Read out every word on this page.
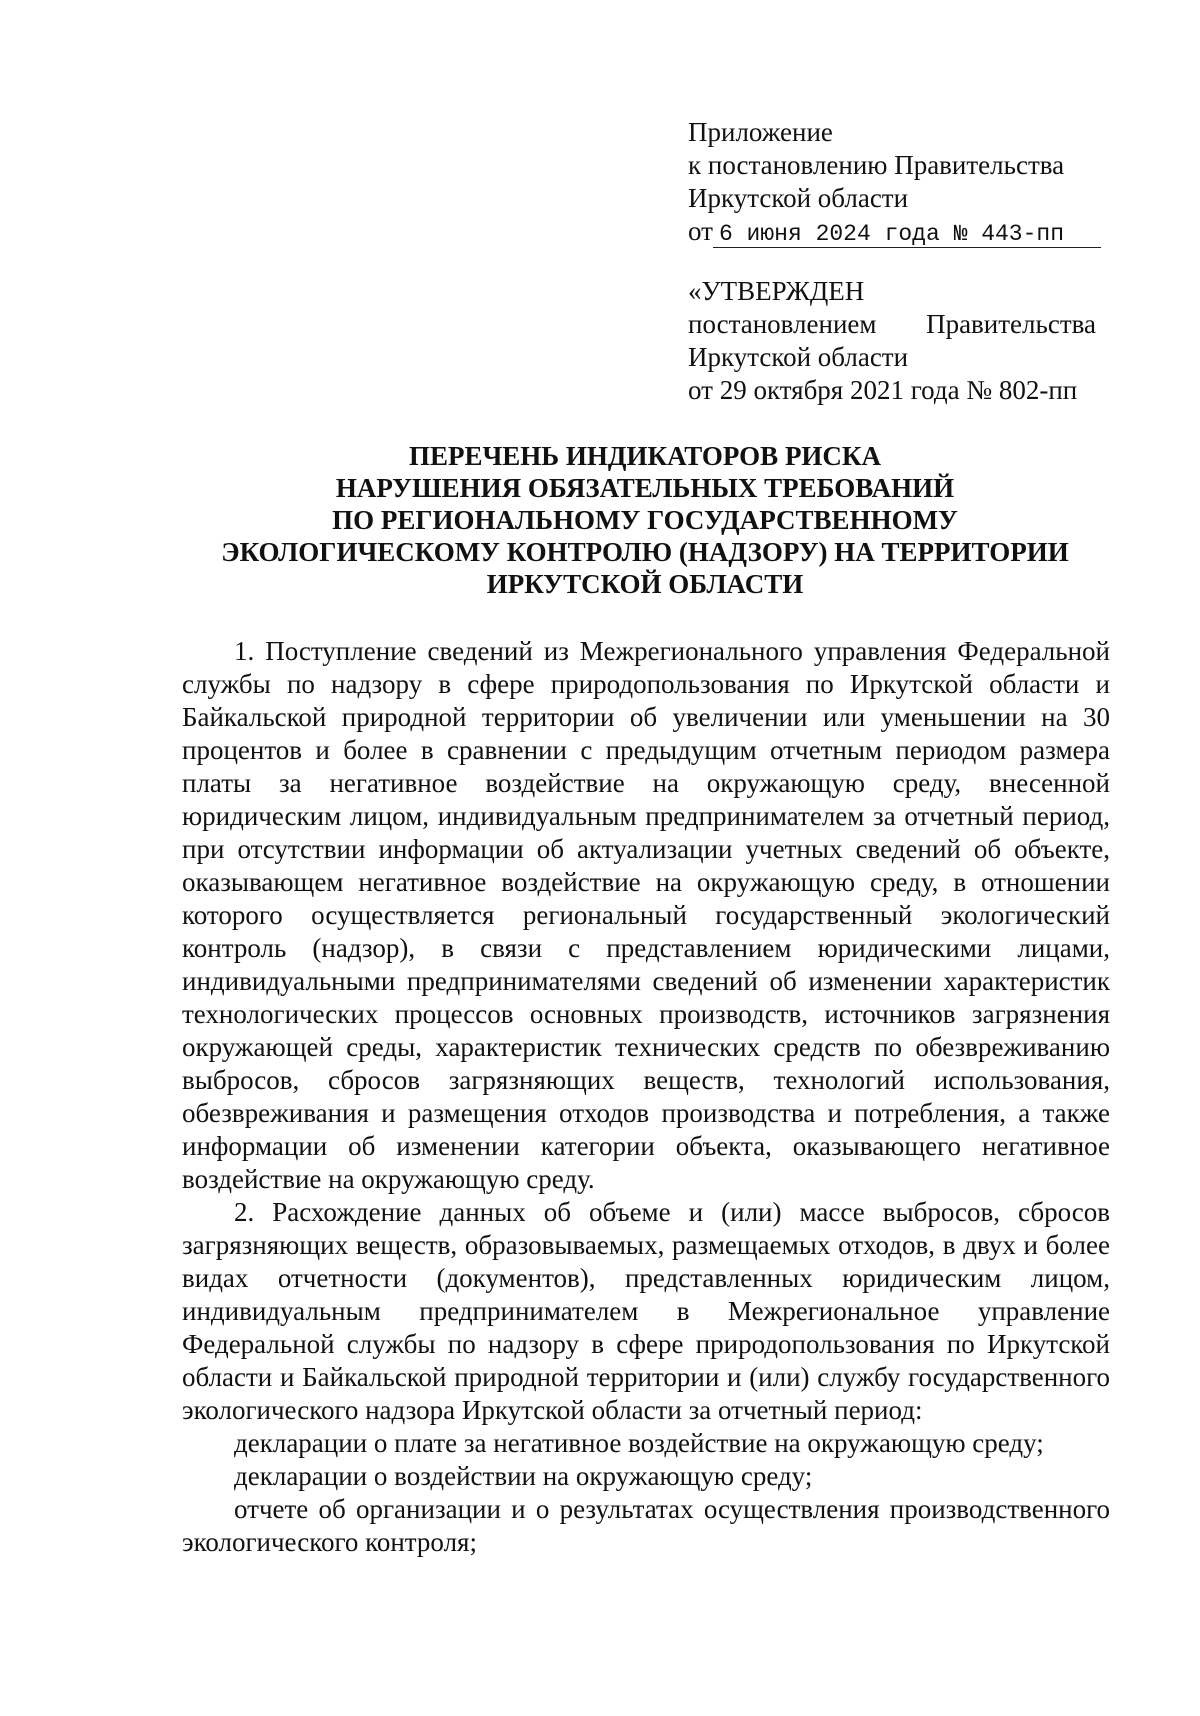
Приложение
к постановлению Правительства
Иркутской области
от 6 июня 2024 года № 443-пп
«УТВЕРЖДЕН
постановлением Правительства
Иркутской области
от 29 октября 2021 года № 802-пп
ПЕРЕЧЕНЬ ИНДИКАТОРОВ РИСКА
НАРУШЕНИЯ ОБЯЗАТЕЛЬНЫХ ТРЕБОВАНИЙ
ПО РЕГИОНАЛЬНОМУ ГОСУДАРСТВЕННОМУ
ЭКОЛОГИЧЕСКОМУ КОНТРОЛЮ (НАДЗОРУ) НА ТЕРРИТОРИИ
ИРКУТСКОЙ ОБЛАСТИ

1. Поступление сведений из Межрегионального управления Федеральной службы по надзору в сфере природопользования по Иркутской области и Байкальской природной территории об увеличении или уменьшении на 30 процентов и более в сравнении с предыдущим отчетным периодом размера платы за негативное воздействие на окружающую среду, внесенной юридическим лицом, индивидуальным предпринимателем за отчетный период, при отсутствии информации об актуализации учетных сведений об объекте, оказывающем негативное воздействие на окружающую среду, в отношении которого осуществляется региональный государственный экологический контроль (надзор), в связи с представлением юридическими лицами, индивидуальными предпринимателями сведений об изменении характеристик технологических процессов основных производств, источников загрязнения окружающей среды, характеристик технических средств по обезвреживанию выбросов, сбросов загрязняющих веществ, технологий использования, обезвреживания и размещения отходов производства и потребления, а также информации об изменении категории объекта, оказывающего негативное воздействие на окружающую среду.

2. Расхождение данных об объеме и (или) массе выбросов, сбросов загрязняющих веществ, образовываемых, размещаемых отходов, в двух и более видах отчетности (документов), представленных юридическим лицом, индивидуальным предпринимателем в Межрегиональное управление Федеральной службы по надзору в сфере природопользования по Иркутской области и Байкальской природной территории и (или) службу государственного экологического надзора Иркутской области за отчетный период:

декларации о плате за негативное воздействие на окружающую среду;

декларации о воздействии на окружающую среду;

отчете об организации и о результатах осуществления производственного экологического контроля;
